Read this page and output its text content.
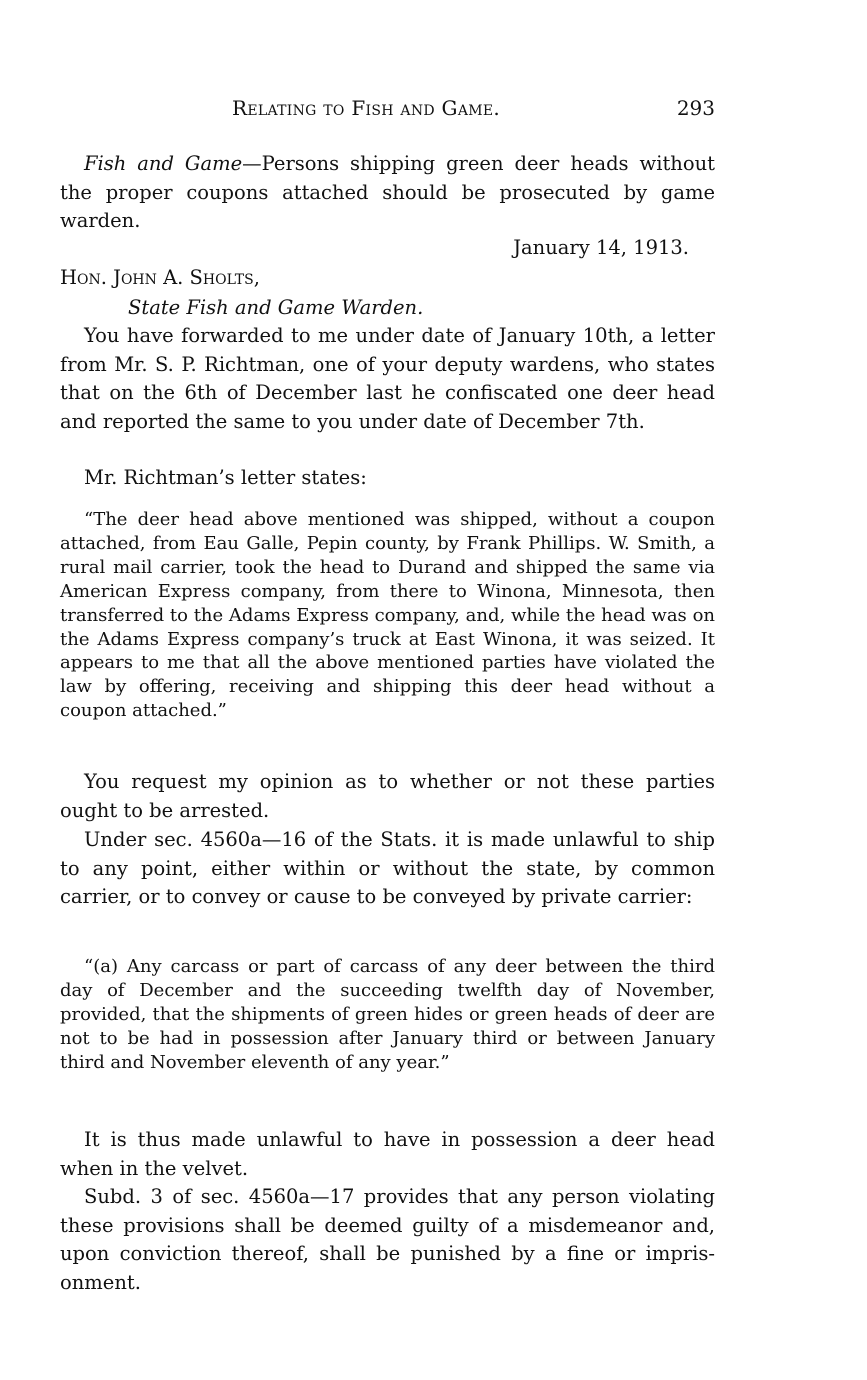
Relating to Fish and Game.	293

Fish and Game—Persons shipping green deer heads without the proper coupons attached should be prosecuted by game warden.

January 14, 1913.

Hon. John A. Sholts,

State Fish and Game Warden.

You have forwarded to me under date of January 10th, a letter from Mr. S. P. Richtman, one of your deputy wardens, who states that on the 6th of December last he confiscated one deer head and reported the same to you under date of December 7th.

Mr. Richtman’s letter states:

“The deer head above mentioned was shipped, without a coupon attached, from Eau Galle, Pepin county, by Frank Phillips. W. Smith, a rural mail carrier, took the head to Durand and shipped the same via American Express company, from there to Winona, Minnesota, then transferred to the Adams Express company, and, while the head was on the Adams Express company’s truck at East Winona, it was seized. It appears to me that all the above mentioned parties have violated the law by offering, receiving and shipping this deer head without a coupon attached.”

You request my opinion as to whether or not these parties ought to be arrested.

Under sec. 4560a—16 of the Stats. it is made unlawful to ship to any point, either within or without the state, by common carrier, or to convey or cause to be conveyed by private carrier:

“(a) Any carcass or part of carcass of any deer between the third day of December and the succeeding twelfth day of November, provided, that the shipments of green hides or green heads of deer are not to be had in possession after January third or between January third and November eleventh of any year.”

It is thus made unlawful to have in possession a deer head when in the velvet.

Subd. 3 of sec. 4560a—17 provides that any person violating these provisions shall be deemed guilty of a misdemeanor and, upon conviction thereof, shall be punished by a fine or imprisonment.
